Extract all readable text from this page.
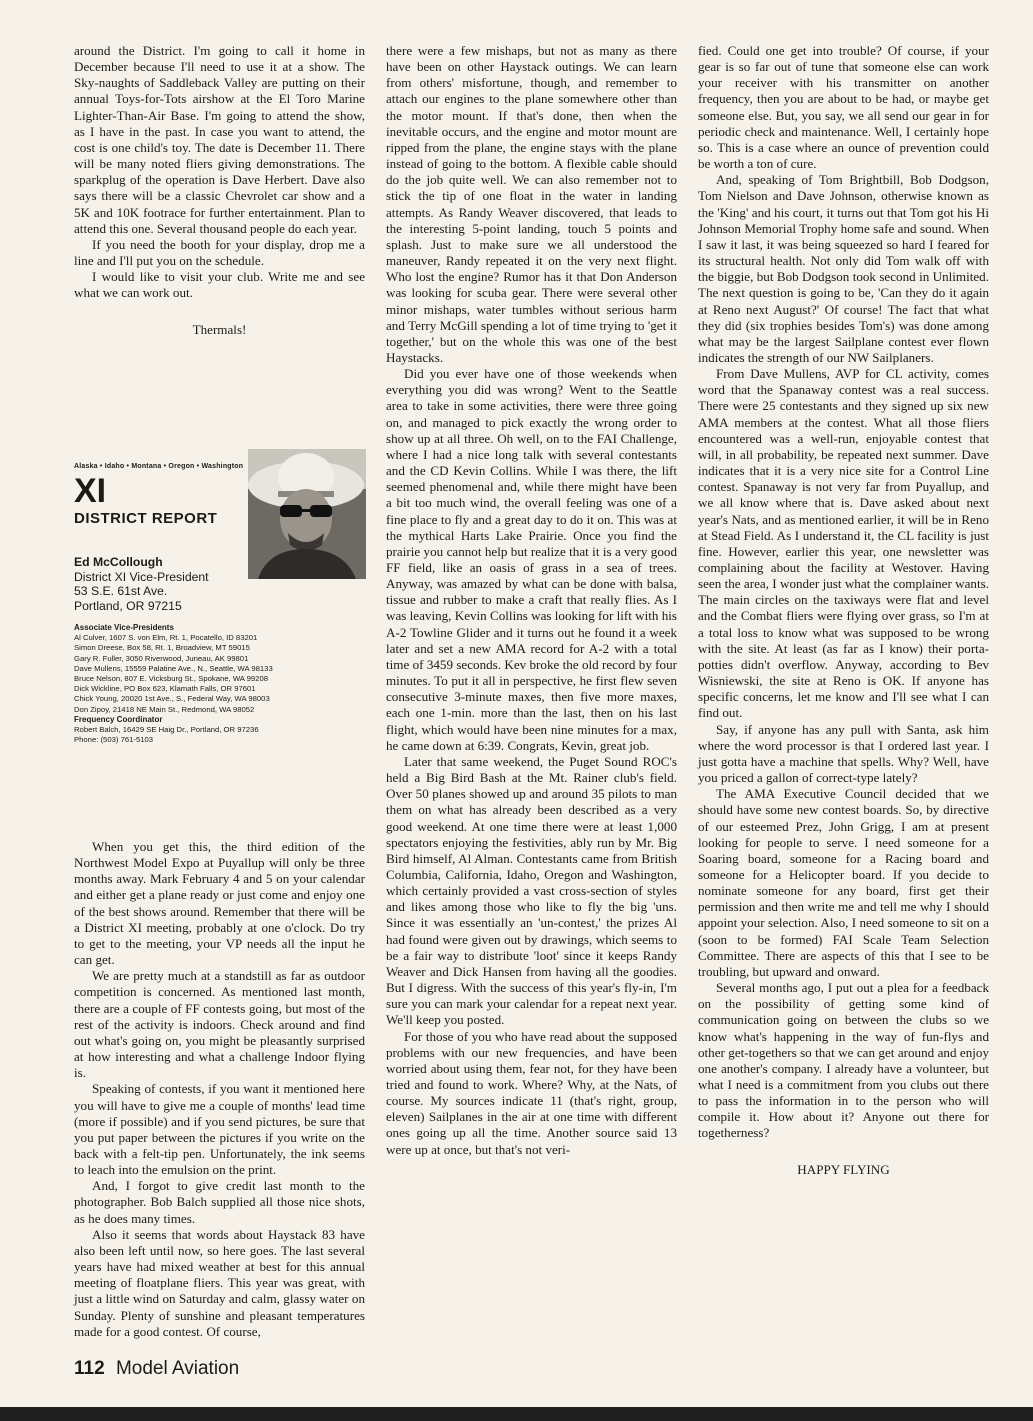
around the District. I'm going to call it home in December because I'll need to use it at a show. The Sky-naughts of Saddleback Valley are putting on their annual Toys-for-Tots airshow at the El Toro Marine Lighter-Than-Air Base. I'm going to attend the show, as I have in the past. In case you want to attend, the cost is one child's toy. The date is December 11. There will be many noted fliers giving demonstrations. The sparkplug of the operation is Dave Herbert. Dave also says there will be a classic Chevrolet car show and a 5K and 10K footrace for further entertainment. Plan to attend this one. Several thousand people do each year.

If you need the booth for your display, drop me a line and I'll put you on the schedule.

I would like to visit your club. Write me and see what we can work out.

Thermals!

Alaska • Idaho • Montana • Oregon • Washington
XI
DISTRICT REPORT
Ed McCollough
District XI Vice-President
53 S.E. 61st Ave.
Portland, OR 97215
Associate Vice-Presidents
Al Culver, 1607 S. von Elm, Rt. 1, Pocatello, ID 83201
Simon Dreese, Box 58, Rt. 1, Broadview, MT 59015
Gary R. Fuller, 3050 Riverwood, Juneau, AK 99801
Dave Mullens, 15559 Palatine Ave., N., Seattle, WA 98133
Bruce Nelson, 807 E. Vicksburg St., Spokane, WA 99208
Dick Wickline, PO Box 623, Klamath Falls, OR 97601
Chick Young, 20020 1st Ave., S., Federal Way, WA 98003
Don Zipoy, 21418 NE Main St., Redmond, WA 98052
Frequency Coordinator
Robert Balch, 16429 SE Haig Dr., Portland, OR 97236
Phone: (503) 761-5103

When you get this, the third edition of the Northwest Model Expo at Puyallup will only be three months away. Mark February 4 and 5 on your calendar and either get a plane ready or just come and enjoy one of the best shows around. Remember that there will be a District XI meeting, probably at one o'clock. Do try to get to the meeting, your VP needs all the input he can get.

We are pretty much at a standstill as far as outdoor competition is concerned. As mentioned last month, there are a couple of FF contests going, but most of the rest of the activity is indoors. Check around and find out what's going on, you might be pleasantly surprised at how interesting and what a challenge Indoor flying is.

Speaking of contests, if you want it mentioned here you will have to give me a couple of months' lead time (more if possible) and if you send pictures, be sure that you put paper between the pictures if you write on the back with a felt-tip pen. Unfortunately, the ink seems to leach into the emulsion on the print.

And, I forgot to give credit last month to the photographer. Bob Balch supplied all those nice shots, as he does many times.

Also it seems that words about Haystack 83 have also been left until now, so here goes. The last several years have had mixed weather at best for this annual meeting of floatplane fliers. This year was great, with just a little wind on Saturday and calm, glassy water on Sunday. Plenty of sunshine and pleasant temperatures made for a good contest. Of course,

there were a few mishaps, but not as many as there have been on other Haystack outings. We can learn from others' misfortune, though, and remember to attach our engines to the plane somewhere other than the motor mount. If that's done, then when the inevitable occurs, and the engine and motor mount are ripped from the plane, the engine stays with the plane instead of going to the bottom. A flexible cable should do the job quite well. We can also remember not to stick the tip of one float in the water in landing attempts. As Randy Weaver discovered, that leads to the interesting 5-point landing, touch 5 points and splash. Just to make sure we all understood the maneuver, Randy repeated it on the very next flight. Who lost the engine? Rumor has it that Don Anderson was looking for scuba gear. There were several other minor mishaps, water tumbles without serious harm and Terry McGill spending a lot of time trying to 'get it together,' but on the whole this was one of the best Haystacks.

Did you ever have one of those weekends when everything you did was wrong? Went to the Seattle area to take in some activities, there were three going on, and managed to pick exactly the wrong order to show up at all three. Oh well, on to the FAI Challenge, where I had a nice long talk with several contestants and the CD Kevin Collins. While I was there, the lift seemed phenomenal and, while there might have been a bit too much wind, the overall feeling was one of a fine place to fly and a great day to do it on. This was at the mythical Harts Lake Prairie. Once you find the prairie you cannot help but realize that it is a very good FF field, like an oasis of grass in a sea of trees. Anyway, was amazed by what can be done with balsa, tissue and rubber to make a craft that really flies. As I was leaving, Kevin Collins was looking for lift with his A-2 Towline Glider and it turns out he found it a week later and set a new AMA record for A-2 with a total time of 3459 seconds. Kev broke the old record by four minutes. To put it all in perspective, he first flew seven consecutive 3-minute maxes, then five more maxes, each one 1-min. more than the last, then on his last flight, which would have been nine minutes for a max, he came down at 6:39. Congrats, Kevin, great job.

Later that same weekend, the Puget Sound ROC's held a Big Bird Bash at the Mt. Rainer club's field. Over 50 planes showed up and around 35 pilots to man them on what has already been described as a very good weekend. At one time there were at least 1,000 spectators enjoying the festivities, ably run by Mr. Big Bird himself, Al Alman. Contestants came from British Columbia, California, Idaho, Oregon and Washington, which certainly provided a vast cross-section of styles and likes among those who like to fly the big 'uns. Since it was essentially an 'un-contest,' the prizes Al had found were given out by drawings, which seems to be a fair way to distribute 'loot' since it keeps Randy Weaver and Dick Hansen from having all the goodies. But I digress. With the success of this year's fly-in, I'm sure you can mark your calendar for a repeat next year. We'll keep you posted.

For those of you who have read about the supposed problems with our new frequencies, and have been worried about using them, fear not, for they have been tried and found to work. Where? Why, at the Nats, of course. My sources indicate 11 (that's right, group, eleven) Sailplanes in the air at one time with different ones going up all the time. Another source said 13 were up at once, but that's not veri-

fied. Could one get into trouble? Of course, if your gear is so far out of tune that someone else can work your receiver with his transmitter on another frequency, then you are about to be had, or maybe get someone else. But, you say, we all send our gear in for periodic check and maintenance. Well, I certainly hope so. This is a case where an ounce of prevention could be worth a ton of cure.

And, speaking of Tom Brightbill, Bob Dodgson, Tom Nielson and Dave Johnson, otherwise known as the 'King' and his court, it turns out that Tom got his Hi Johnson Memorial Trophy home safe and sound. When I saw it last, it was being squeezed so hard I feared for its structural health. Not only did Tom walk off with the biggie, but Bob Dodgson took second in Unlimited. The next question is going to be, 'Can they do it again at Reno next August?' Of course! The fact that what they did (six trophies besides Tom's) was done among what may be the largest Sailplane contest ever flown indicates the strength of our NW Sailplaners.

From Dave Mullens, AVP for CL activity, comes word that the Spanaway contest was a real success. There were 25 contestants and they signed up six new AMA members at the contest. What all those fliers encountered was a well-run, enjoyable contest that will, in all probability, be repeated next summer. Dave indicates that it is a very nice site for a Control Line contest. Spanaway is not very far from Puyallup, and we all know where that is. Dave asked about next year's Nats, and as mentioned earlier, it will be in Reno at Stead Field. As I understand it, the CL facility is just fine. However, earlier this year, one newsletter was complaining about the facility at Westover. Having seen the area, I wonder just what the complainer wants. The main circles on the taxiways were flat and level and the Combat fliers were flying over grass, so I'm at a total loss to know what was supposed to be wrong with the site. At least (as far as I know) their porta-potties didn't overflow. Anyway, according to Bev Wisniewski, the site at Reno is OK. If anyone has specific concerns, let me know and I'll see what I can find out.

Say, if anyone has any pull with Santa, ask him where the word processor is that I ordered last year. I just gotta have a machine that spells. Why? Well, have you priced a gallon of correct-type lately?

The AMA Executive Council decided that we should have some new contest boards. So, by directive of our esteemed Prez, John Grigg, I am at present looking for people to serve. I need someone for a Soaring board, someone for a Racing board and someone for a Helicopter board. If you decide to nominate someone for any board, first get their permission and then write me and tell me why I should appoint your selection. Also, I need someone to sit on a (soon to be formed) FAI Scale Team Selection Committee. There are aspects of this that I see to be troubling, but upward and onward.

Several months ago, I put out a plea for a feedback on the possibility of getting some kind of communication going on between the clubs so we know what's happening in the way of fun-flys and other get-togethers so that we can get around and enjoy one another's company. I already have a volunteer, but what I need is a commitment from you clubs out there to pass the information in to the person who will compile it. How about it? Anyone out there for togetherness?

HAPPY FLYING

112 Model Aviation
